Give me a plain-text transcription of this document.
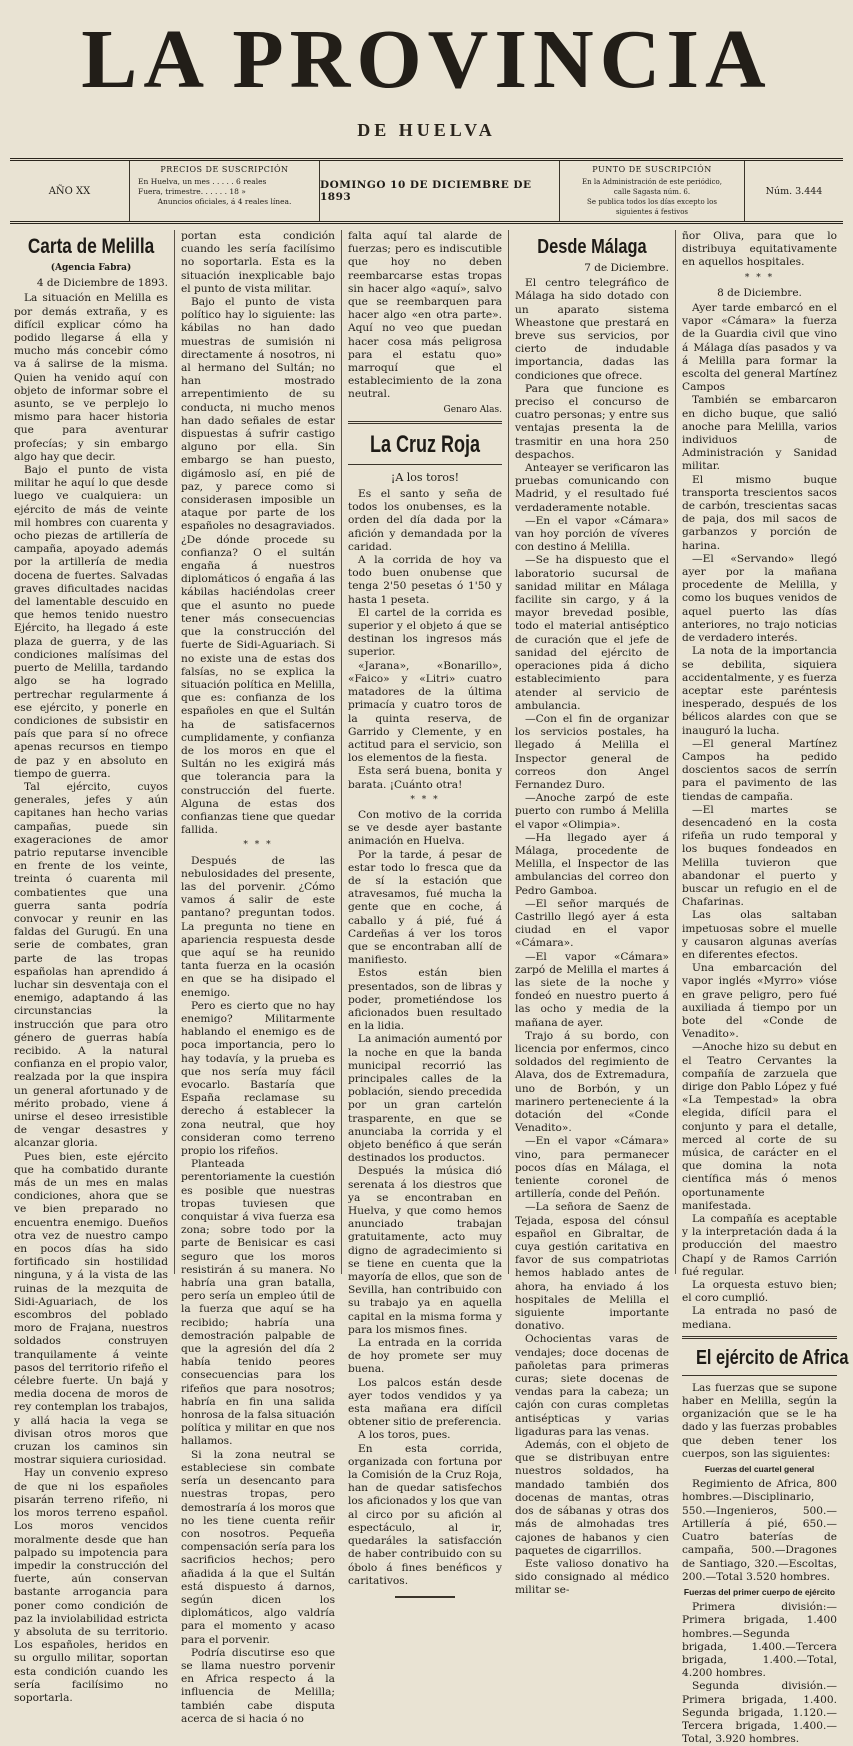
LA PROVINCIA
DE HUELVA
AÑO XX
PRECIOS DE SUSCRIPCIÓN
En Huelva, un mes . . . . . 6 reales
Fuera, trimestre. . . . . . 18 »
Anuncios oficiales, á 4 reales línea.
DOMINGO 10 DE DICIEMBRE DE 1893
PUNTO DE SUSCRIPCIÓN
En la Administración de este periódico,
calle Sagasta núm. 6.
Se publica todos los días excepto los siguientes á festivos
Núm. 3.444
Carta de Melilla
(Agencia Fabra)
4 de Diciembre de 1893.

La situación en Melilla es por demás extraña, y es difícil explicar cómo ha podido llegarse á ella y mucho más concebir cómo va á salirse de la misma. Quien ha venido aquí con objeto de informar sobre el asunto, se ve perplejo lo mismo para hacer historia que para aventurar profecías; y sin embargo algo hay que decir.

Bajo el punto de vista militar he aquí lo que desde luego ve cualquiera: un ejército de más de veinte mil hombres con cuarenta y ocho piezas de artillería de campaña, apoyado además por la artillería de media docena de fuertes. Salvadas graves dificultades nacidas del lamentable descuido en que hemos tenido nuestro Ejército, ha llegado á este plaza de guerra, y de las condiciones malísimas del puerto de Melilla, tardando algo se ha logrado pertrechar regularmente á ese ejército, y ponerle en condiciones de subsistir en país que para sí no ofrece apenas recursos en tiempo de paz y en absoluto en tiempo de guerra.

Tal ejército, cuyos generales, jefes y aún capitanes han hecho varias campañas, puede sin exageraciones de amor patrio reputarse invencible en frente de los veinte, treinta ó cuarenta mil combatientes que una guerra santa podría convocar y reunir en las faldas del Gurugú. En una serie de combates, gran parte de las tropas españolas han aprendido á luchar sin desventaja con el enemigo, adaptando á las circunstancias la instrucción que para otro género de guerras había recibido. A la natural confianza en el propio valor, realzada por la que inspira un general afortunado y de mérito probado, viene á unirse el deseo irresistible de vengar desastres y alcanzar gloria.

Pues bien, este ejército que ha combatido durante más de un mes en malas condiciones, ahora que se ve bien preparado no encuentra enemigo. Dueños otra vez de nuestro campo en pocos días ha sido fortificado sin hostilidad ninguna, y á la vista de las ruinas de la mezquita de Sidi-Aguariach, de los escombros del poblado moro de Frajana, nuestros soldados construyen tranquilamente á veinte pasos del territorio rifeño el célebre fuerte. Un bajá y media docena de moros de rey contemplan los trabajos, y allá hacia la vega se divisan otros moros que cruzan los caminos sin mostrar siquiera curiosidad.

Hay un convenio expreso de que ni los españoles pisarán terreno rifeño, ni los moros terreno español. Los moros vencidos moralmente desde que han palpado su impotencia para impedir la construcción del fuerte, aún conservan bastante arrogancia para poner como condición de paz la inviolabilidad estricta y absoluta de su territorio. Los españoles, heridos en su orgullo militar, soportan esta condición cuando les sería facilísimo no soportarla.

portan esta condición cuando les sería facilísimo no soportarla. Esta es la situación inexplicable bajo el punto de vista militar.

Bajo el punto de vista político hay lo siguiente: las kábilas no han dado muestras de sumisión ni directamente á nosotros, ni al hermano del Sultán; no han mostrado arrepentimiento de su conducta, ni mucho menos han dado señales de estar dispuestas á sufrir castigo alguno por ella. Sin embargo se han puesto, digámoslo así, en pié de paz, y parece como si considerasen imposible un ataque por parte de los españoles no desagraviados. ¿De dónde procede su confianza? O el sultán engaña á nuestros diplomáticos ó engaña á las kábilas haciéndolas creer que el asunto no puede tener más consecuencias que la construcción del fuerte de Sidi-Aguariach. Si no existe una de estas dos falsías, no se explica la situación política en Melilla, que es: confianza de los españoles en que el Sultán ha de satisfacernos cumplidamente, y confianza de los moros en que el Sultán no les exigirá más que tolerancia para la construcción del fuerte. Alguna de estas dos confianzas tiene que quedar fallida.

* * *

Después de las nebulosidades del presente, las del porvenir. ¿Cómo vamos á salir de este pantano? preguntan todos. La pregunta no tiene en apariencia respuesta desde que aquí se ha reunido tanta fuerza en la ocasión en que se ha disipado el enemigo.

Pero es cierto que no hay enemigo? Militarmente hablando el enemigo es de poca importancia, pero lo hay todavía, y la prueba es que nos sería muy fácil evocarlo. Bastaría que España reclamase su derecho á establecer la zona neutral, que hoy consideran como terreno propio los rifeños.

Planteada perentoriamente la cuestión es posible que nuestras tropas tuviesen que conquistar á viva fuerza esa zona; sobre todo por la parte de Benisicar es casi seguro que los moros resistirán á su manera. No habría una gran batalla, pero sería un empleo útil de la fuerza que aquí se ha recibido; habría una demostración palpable de que la agresión del día 2 había tenido peores consecuencias para los rifeños que para nosotros; habría en fin una salida honrosa de la falsa situación política y militar en que nos hallamos.

Si la zona neutral se estableciese sin combate sería un desencanto para nuestras tropas, pero demostraría á los moros que no les tiene cuenta reñir con nosotros. Pequeña compensación sería para los sacrificios hechos; pero añadida á la que el Sultán está dispuesto á darnos, según dicen los diplomáticos, algo valdría para el momento y acaso para el porvenir.

Podría discutirse eso que se llama nuestro porvenir en Africa respecto á la influencia de Melilla; también cabe disputa acerca de si hacia ó no

falta aquí tal alarde de fuerzas; pero es indiscutible que hoy no deben reembarcarse estas tropas sin hacer algo «aquí», salvo que se reembarquen para hacer algo «en otra parte». Aquí no veo que puedan hacer cosa más peligrosa para el estatu quo» marroquí que el establecimiento de la zona neutral.

Genaro Alas.
La Cruz Roja
¡A los toros!

Es el santo y seña de todos los onubenses, es la orden del día dada por la afición y demandada por la caridad.

A la corrida de hoy va todo buen onubense que tenga 2'50 pesetas ó 1'50 y hasta 1 peseta.

El cartel de la corrida es superior y el objeto á que se destinan los ingresos más superior.

«Jarana», «Bonarillo», «Faico» y «Litri» cuatro matadores de la última primacía y cuatro toros de la quinta reserva, de Garrido y Clemente, y en actitud para el servicio, son los elementos de la fiesta.

Esta será buena, bonita y barata. ¡Cuánto otra!

* * *

Con motivo de la corrida se ve desde ayer bastante animación en Huelva.

Por la tarde, á pesar de estar todo lo fresca que da de sí la estación que atravesamos, fué mucha la gente que en coche, á caballo y á pié, fué á Cardeñas á ver los toros que se encontraban allí de manifiesto.

Estos están bien presentados, son de libras y poder, prometiéndose los aficionados buen resultado en la lidia.

La animación aumentó por la noche en que la banda municipal recorrió las principales calles de la población, siendo precedida por un gran cartelón trasparente, en que se anunciaba la corrida y el objeto benéfico á que serán destinados los productos.

Después la música dió serenata á los diestros que ya se encontraban en Huelva, y que como hemos anunciado trabajan gratuitamente, acto muy digno de agradecimiento si se tiene en cuenta que la mayoría de ellos, que son de Sevilla, han contribuido con su trabajo ya en aquella capital en la misma forma y para los mismos fines.

La entrada en la corrida de hoy promete ser muy buena.

Los palcos están desde ayer todos vendidos y ya esta mañana era difícil obtener sitio de preferencia.

A los toros, pues.

En esta corrida, organizada con fortuna por la Comisión de la Cruz Roja, han de quedar satisfechos los aficionados y los que van al circo por su afición al espectáculo, al ir, quedaráles la satisfacción de haber contribuido con su óbolo á fines benéficos y caritativos.

Desde Málaga
7 de Diciembre.

El centro telegráfico de Málaga ha sido dotado con un aparato sistema Wheastone que prestará en breve sus servicios, por cierto de indudable importancia, dadas las condiciones que ofrece.

Para que funcione es preciso el concurso de cuatro personas; y entre sus ventajas presenta la de trasmitir en una hora 250 despachos.

Anteayer se verificaron las pruebas comunicando con Madrid, y el resultado fué verdaderamente notable.

—En el vapor «Cámara» van hoy porción de víveres con destino á Melilla.

—Se ha dispuesto que el laboratorio sucursal de sanidad militar en Málaga facilite sin cargo, y á la mayor brevedad posible, todo el material antiséptico de curación que el jefe de sanidad del ejército de operaciones pida á dicho establecimiento para atender al servicio de ambulancia.

—Con el fin de organizar los servicios postales, ha llegado á Melilla el Inspector general de correos don Angel Fernandez Duro.

—Anoche zarpó de este puerto con rumbo á Melilla el vapor «Olimpia».

—Ha llegado ayer á Málaga, procedente de Melilla, el Inspector de las ambulancias del correo don Pedro Gamboa.

—El señor marqués de Castrillo llegó ayer á esta ciudad en el vapor «Cámara».

—El vapor «Cámara» zarpó de Melilla el martes á las siete de la noche y fondeó en nuestro puerto á las ocho y media de la mañana de ayer.

Trajo á su bordo, con licencia por enfermos, cinco soldados del regimiento de Alava, dos de Extremadura, uno de Borbón, y un marinero perteneciente á la dotación del «Conde Venadito».

—En el vapor «Cámara» vino, para permanecer pocos días en Málaga, el teniente coronel de artillería, conde del Peñón.

—La señora de Saenz de Tejada, esposa del cónsul español en Gibraltar, de cuya gestión caritativa en favor de sus compatriotas hemos hablado antes de ahora, ha enviado á los hospitales de Melilla el siguiente importante donativo.

Ochocientas varas de vendajes; doce docenas de pañoletas para primeras curas; siete docenas de vendas para la cabeza; un cajón con curas completas antisépticas y varias ligaduras para las venas.

Además, con el objeto de que se distribuyan entre nuestros soldados, ha mandado también dos docenas de mantas, otras dos de sábanas y otras dos más de almohadas tres cajones de habanos y cien paquetes de cigarrillos.

Este valioso donativo ha sido consignado al médico militar se-

ñor Oliva, para que lo distribuya equitativamente en aquellos hospitales.

* * *
8 de Diciembre.

Ayer tarde embarcó en el vapor «Cámara» la fuerza de la Guardia civil que vino á Málaga días pasados y va á Melilla para formar la escolta del general Martínez Campos

También se embarcaron en dicho buque, que salió anoche para Melilla, varios individuos de Administración y Sanidad militar.

El mismo buque transporta trescientos sacos de carbón, trescientas sacas de paja, dos mil sacos de garbanzos y porción de harina.

—El «Servando» llegó ayer por la mañana procedente de Melilla, y como los buques venidos de aquel puerto las días anteriores, no trajo noticias de verdadero interés.

La nota de la importancia se debilita, siquiera accidentalmente, y es fuerza aceptar este paréntesis inesperado, después de los bélicos alardes con que se inauguró la lucha.

—El general Martínez Campos ha pedido doscientos sacos de serrín para el pavimento de las tiendas de campaña.

—El martes se desencadenó en la costa rifeña un rudo temporal y los buques fondeados en Melilla tuvieron que abandonar el puerto y buscar un refugio en el de Chafarinas.

Las olas saltaban impetuosas sobre el muelle y causaron algunas averías en diferentes efectos.

Una embarcación del vapor inglés «Myrro» vióse en grave peligro, pero fué auxiliada á tiempo por un bote del «Conde de Venadito».

—Anoche hizo su debut en el Teatro Cervantes la compañía de zarzuela que dirige don Pablo López y fué «La Tempestad» la obra elegida, difícil para el conjunto y para el detalle, merced al corte de su música, de carácter en el que domina la nota científica más ó menos oportunamente manifestada.

La compañía es aceptable y la interpretación dada á la producción del maestro Chapí y de Ramos Carrión fué regular.

La orquesta estuvo bien; el coro cumplió.

La entrada no pasó de mediana.

El ejército de Africa

Las fuerzas que se supone haber en Melilla, según la organización que se le ha dado y las fuerzas probables que deben tener los cuerpos, son las siguientes:

Fuerzas del cuartel general

Regimiento de Africa, 800 hombres.—Disciplinario, 550.—Ingenieros, 500.—Artillería á pié, 650.—Cuatro baterías de campaña, 500.—Dragones de Santiago, 320.—Escoltas, 200.—Total 3.520 hombres.

Fuerzas del primer cuerpo de ejército

Primera división:—Primera brigada, 1.400 hombres.—Segunda brigada, 1.400.—Tercera brigada, 1.400.—Total, 4.200 hombres.

Segunda división.—Primera brigada, 1.400. Segunda brigada, 1.120.—Tercera brigada, 1.400.—Total, 3.920 hombres.
